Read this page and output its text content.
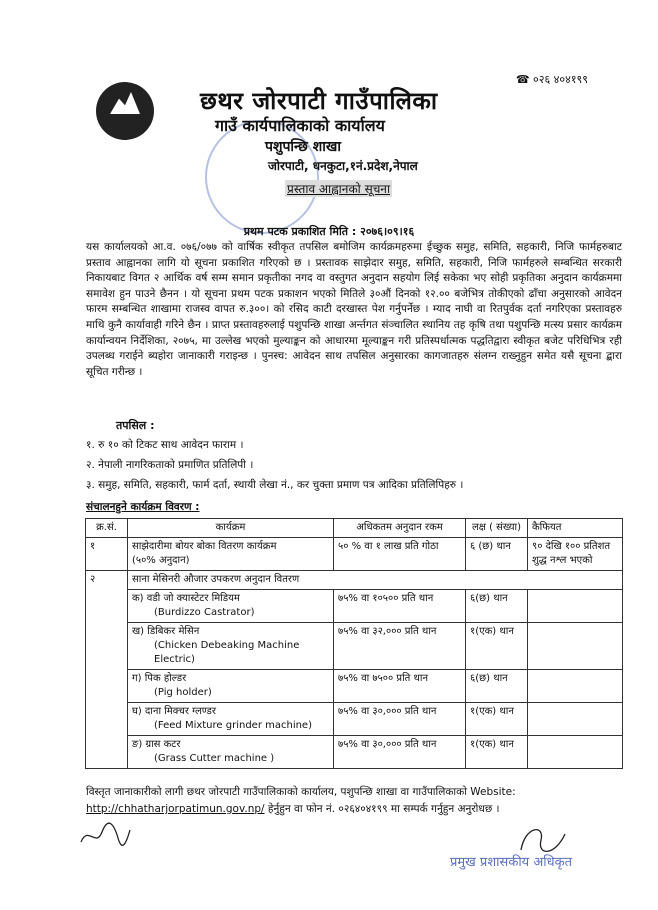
☎ ०२६ ४०४१९९
छथर जोरपाटी गाउँपालिका
गाउँ कार्यपालिकाको कार्यालय
पशुपन्छि शाखा
जोरपाटी, धनकुटा,१नं.प्रदेश,नेपाल
प्रस्ताव आह्वानको सूचना
प्रथम पटक प्रकाशित मिति : २०७६।०९।१६
यस कार्यालयको आ.व. ०७६/०७७ को वार्षिक स्वीकृत तपसिल बमोजिम कार्यक्रमहरुमा ईच्छुक समुह, समिति, सहकारी, निजि फार्महरुबाट प्रस्ताव आह्वानका लागि यो सूचना प्रकाशित गरिएको छ । प्रस्तावक साझेदार समुह, समिति, सहकारी, निजि फार्महरुले सम्बन्धित सरकारी निकायबाट विगत २ आर्थिक वर्ष सम्म समान प्रकृतीका नगद वा वस्तुगत अनुदान सहयोग लिई सकेका भए सोही प्रकृतिका अनुदान कार्यक्रममा समावेश हुन पाउने छैनन । यो सूचना प्रथम पटक प्रकाशन भएको मितिले ३०औं दिनको १२.०० बजेभित्र तोकीएको ढाँचा अनुसारको आवेदन फारम सम्बन्धित शाखामा राजस्व वापत रु.३००। को रसिद काटी दरखास्त पेश गर्नुपर्नेछ । म्याद नाघी वा रितपुर्वक दर्ता नगरिएका प्रस्तावहरु माथि कुनै कार्यावाही गरिने छैन । प्राप्त प्रस्तावहरुलाई पशुपन्छि शाखा अर्न्तगत संञ्चालित स्थानिय तह कृषि तथा पशुपन्छि मत्स्य प्रसार कार्यक्रम कार्यान्वयन निर्देशिका, २०७५, मा उल्लेख भएको मुल्याङ्कन को आधारमा मूल्याङ्कन गरी प्रतिस्पर्धात्मक पद्धतिद्वारा स्वीकृत बजेट परिधिभित्र रही उपलब्ध गराईने ब्यहोरा जानाकारी गराइन्छ । पुनस्च: आवेदन साथ तपसिल अनुसारका कागजातहरु संलग्न राख्नुहुन समेत यसै सूचना द्बारा सूचित गरीन्छ ।
तपसिल :
१. रु १० को टिकट साथ आवेदन फाराम ।
२. नेपाली नागरिकताको प्रमाणित प्रतिलिपी ।
३. समुह, समिति, सहकारी, फार्म दर्ता, स्थायी लेखा नं., कर चुक्ता प्रमाण पत्र आदिका प्रतिलिपिहरु ।
संचालनहुने कार्यक्रम विवरण :
क्र.सं.	कार्यक्रम	अधिकतम अनुदान रकम	लक्ष ( संख्या)	कैफियत
१	साझेदारीमा बोयर बोका वितरण कार्यक्रम
(५०% अनुदान)	५० % वा १ लाख प्रति गोठा	६ (छ) थान	९० देखि १०० प्रतिशत शुद्ध नश्ल भएको
२	साना मेसिनरी औजार उपकरण अनुदान वितरण			

	क) वडी जो क्यास्टेटर मिडियम
(Burdizzo Castrator)	७५% वा १०५०० प्रति थान	६(छ) थान	

	ख) डिबिकर मेसिन
(Chicken Debeaking Machine Electric)	७५% वा ३२,००० प्रति थान	१(एक) थान	

	ग) पिक होल्डर
(Pig holder)	७५% वा ७५०० प्रति थान	६(छ) थान	

	घ) दाना मिक्चर ग्लण्डर
(Feed Mixture grinder machine)	७५% वा ३०,००० प्रति थान	१(एक) थान	

	ङ) ग्रास कटर
(Grass Cutter machine )	७५% वा ३०,००० प्रति थान	१(एक) थान	
विस्तृत जानाकारीको लागी छथर जोरपाटी गाउँपालिकाको कार्यालय, पशुपन्छि शाखा वा गाउँपालिकाको Website: http://chhatharjorpatimun.gov.np/ हेर्नुहुन वा फोन नं. ०२६४०४१९९ मा सम्पर्क गर्नुहुन अनुरोधछ ।
प्रमुख प्रशासकीय अधिकृत
